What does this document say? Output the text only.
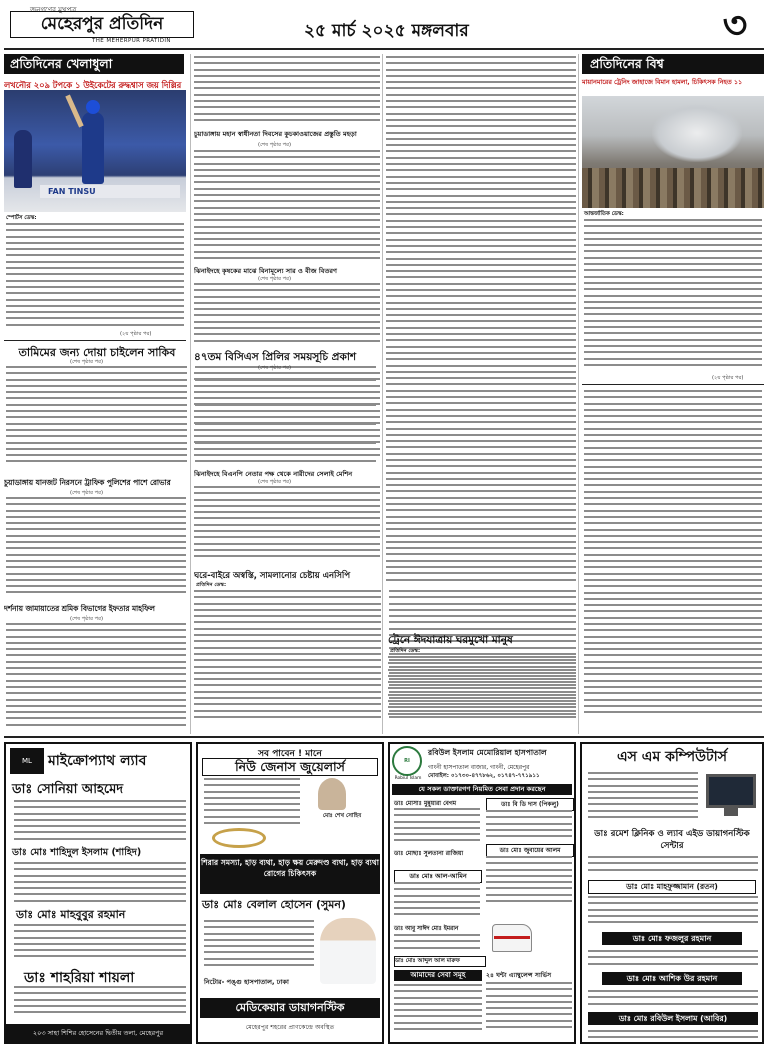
জনগণের মুখপত্র
মেহেরপুর প্রতিদিন
THE MEHERPUR PRATIDIN	২৫ মার্চ ২০২৫ মঙ্গলবার	৩
প্রতিদিনের খেলাধুলা
লখনৌর ২০৯ টপকে ১ উইকেটের রুদ্ধশ্বাস জয় দিল্লির
FAN TINSU
স্পোর্টস ডেস্ক:
(২য় পৃষ্ঠার পর)
তামিমের জন্য দোয়া চাইলেন সাকিব
(শেষ পৃষ্ঠার পর)
চুয়াডাঙ্গায় যানজট নিরসনে ট্রাফিক পুলিশের পাশে রোভার
(শেষ পৃষ্ঠার পর)
দর্শনায় জামায়াতের শ্রমিক বিভাগের ইফতার মাহফিল
(শেষ পৃষ্ঠার পর)
চুয়াডাঙ্গায় মহান স্বাধীনতা দিবসের কুচকাওয়াজের প্রস্তুতি মহড়া
(শেষ পৃষ্ঠার পর)
ঝিনাইদহে কৃষকের মাঝে বিনামূল্যে সার ও বীজ বিতরণ
(শেষ পৃষ্ঠার পর)
৪৭তম বিসিএস প্রিলির সময়সূচি প্রকাশ
(শেষ পৃষ্ঠার পর)
ঝিনাইদহে বিএনপি নেতার পক্ষ থেকে নারীদের সেলাই মেশিন
(শেষ পৃষ্ঠার পর)
ঘরে-বাইরে অস্বস্তি, সামলানোর চেষ্টায় এনসিপি
প্রতিদিন ডেস্ক:
ট্রেনে ঈদযাত্রায় ঘরমুখো মানুষ
প্রতিদিন ডেস্ক:
প্রতিদিনের বিশ্ব
মায়ানমারের ট্রেনিং জাহাজে বিমান হামলা, চিকিৎসক নিহত ১১
আন্তর্জাতিক ডেস্ক:
(২য় পৃষ্ঠার পর)
ML	মাইক্রোপ্যাথ ল্যাব
ডাঃ সোনিয়া আহমেদ
ডাঃ মোঃ শাহিদুল ইসলাম (শাহিদ)
ডাঃ মোঃ মাহবুবুর রহমান
ডাঃ শাহরিয়া শায়লা
২০৩ সাহা শিশির হোসেনের দ্বিতীয় তলা, মেহেরপুর
সব পাবেন ! মানে
নিউ জেনাস জুয়েলার্স
মোঃ শেখ সোহিব
শিরার সমস্যা, হাড় ব্যথা, হাড় ক্ষয় মেরুদণ্ড ব্যথা, হাড় ব্যথা রোগের চিকিৎসক
ডাঃ মোঃ বেলাল হোসেন (সুমন)
নিটোর- পঙ্গু হাসপাতাল, ঢাকা
মেডিকেয়ার ডায়াগনস্টিক
মেহেরপুর শহরের প্রাণকেন্দ্রে অবস্থিত
RI
Robiul Islam
রবিউল ইসলাম মেমোরিয়াল হাসপাতাল
গাংনী হাসপাতাল বাজার, গাংনী, মেহেরপুর
মোবাইল: ০১৭৩০-৪৭৭৮৬২, ০১৭৪৭-৭৭১৯১১
যে সকল ডাক্তারগণ নিয়মিত সেবা প্রদান করছেন
ডাঃ মোসাঃ মুন্নুয়ারা বেগম	ডাঃ বি ডি দাস (পিকলু)
ডাঃ মোছাঃ সুলতানা রাজিয়া
ডাঃ মোঃ আল-আমিন
ডাঃ মোঃ জুবায়ের আলম
ডাঃ আবু সাঈদ মোঃ ইমরান
ডাঃ মোঃ আব্দুল আল মারুফ
আমাদের সেবা সমূহ	২৪ ঘন্টা এ্যাম্বুলেন্স সার্ভিস
এস এম কম্পিউটার্স
ডাঃ রমেশ ক্লিনিক ও ল্যাব এইড ডায়াগনস্টিক সেন্টার
ডাঃ মোঃ মাহফুজ্জামান (রতন)
ডাঃ মোঃ ফজলুর রহমান
ডাঃ মোঃ আশিক উর রহমান
ডাঃ মোঃ রবিউল ইসলাম (আবির)
